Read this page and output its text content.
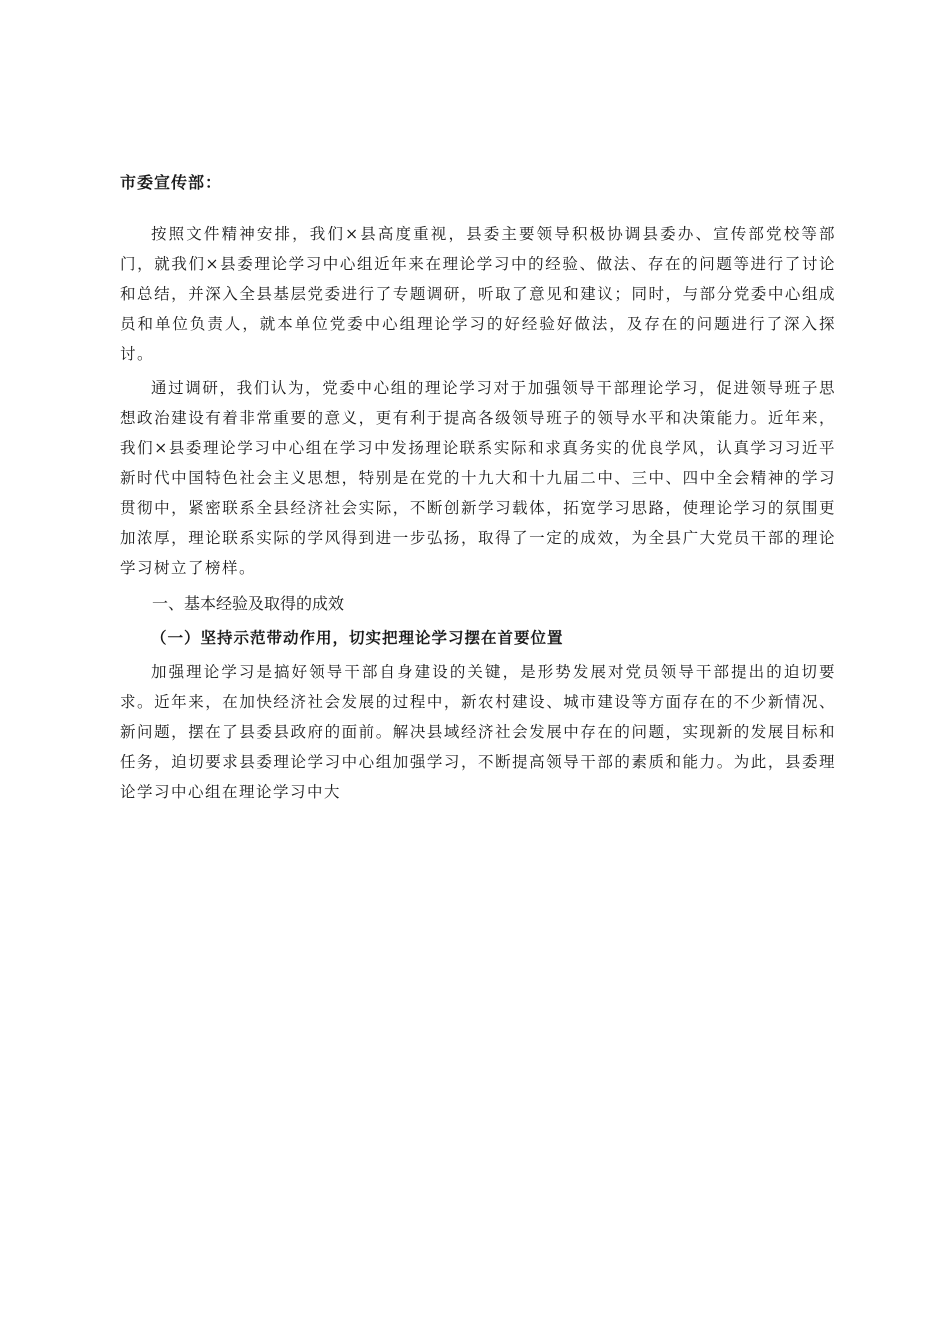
市委宣传部：

按照文件精神安排，我们×县高度重视，县委主要领导积极协调县委办、宣传部党校等部门，就我们×县委理论学习中心组近年来在理论学习中的经验、做法、存在的问题等进行了讨论和总结，并深入全县基层党委进行了专题调研，听取了意见和建议；同时，与部分党委中心组成员和单位负责人，就本单位党委中心组理论学习的好经验好做法，及存在的问题进行了深入探讨。

通过调研，我们认为，党委中心组的理论学习对于加强领导干部理论学习，促进领导班子思想政治建设有着非常重要的意义，更有利于提高各级领导班子的领导水平和决策能力。近年来，我们×县委理论学习中心组在学习中发扬理论联系实际和求真务实的优良学风，认真学习习近平新时代中国特色社会主义思想，特别是在党的十九大和十九届二中、三中、四中全会精神的学习贯彻中，紧密联系全县经济社会实际，不断创新学习载体，拓宽学习思路，使理论学习的氛围更加浓厚，理论联系实际的学风得到进一步弘扬，取得了一定的成效，为全县广大党员干部的理论学习树立了榜样。

一、基本经验及取得的成效

（一）坚持示范带动作用，切实把理论学习摆在首要位置

加强理论学习是搞好领导干部自身建设的关键，是形势发展对党员领导干部提出的迫切要求。近年来，在加快经济社会发展的过程中，新农村建设、城市建设等方面存在的不少新情况、新问题，摆在了县委县政府的面前。解决县域经济社会发展中存在的问题，实现新的发展目标和任务，迫切要求县委理论学习中心组加强学习，不断提高领导干部的素质和能力。为此，县委理论学习中心组在理论学习中大
